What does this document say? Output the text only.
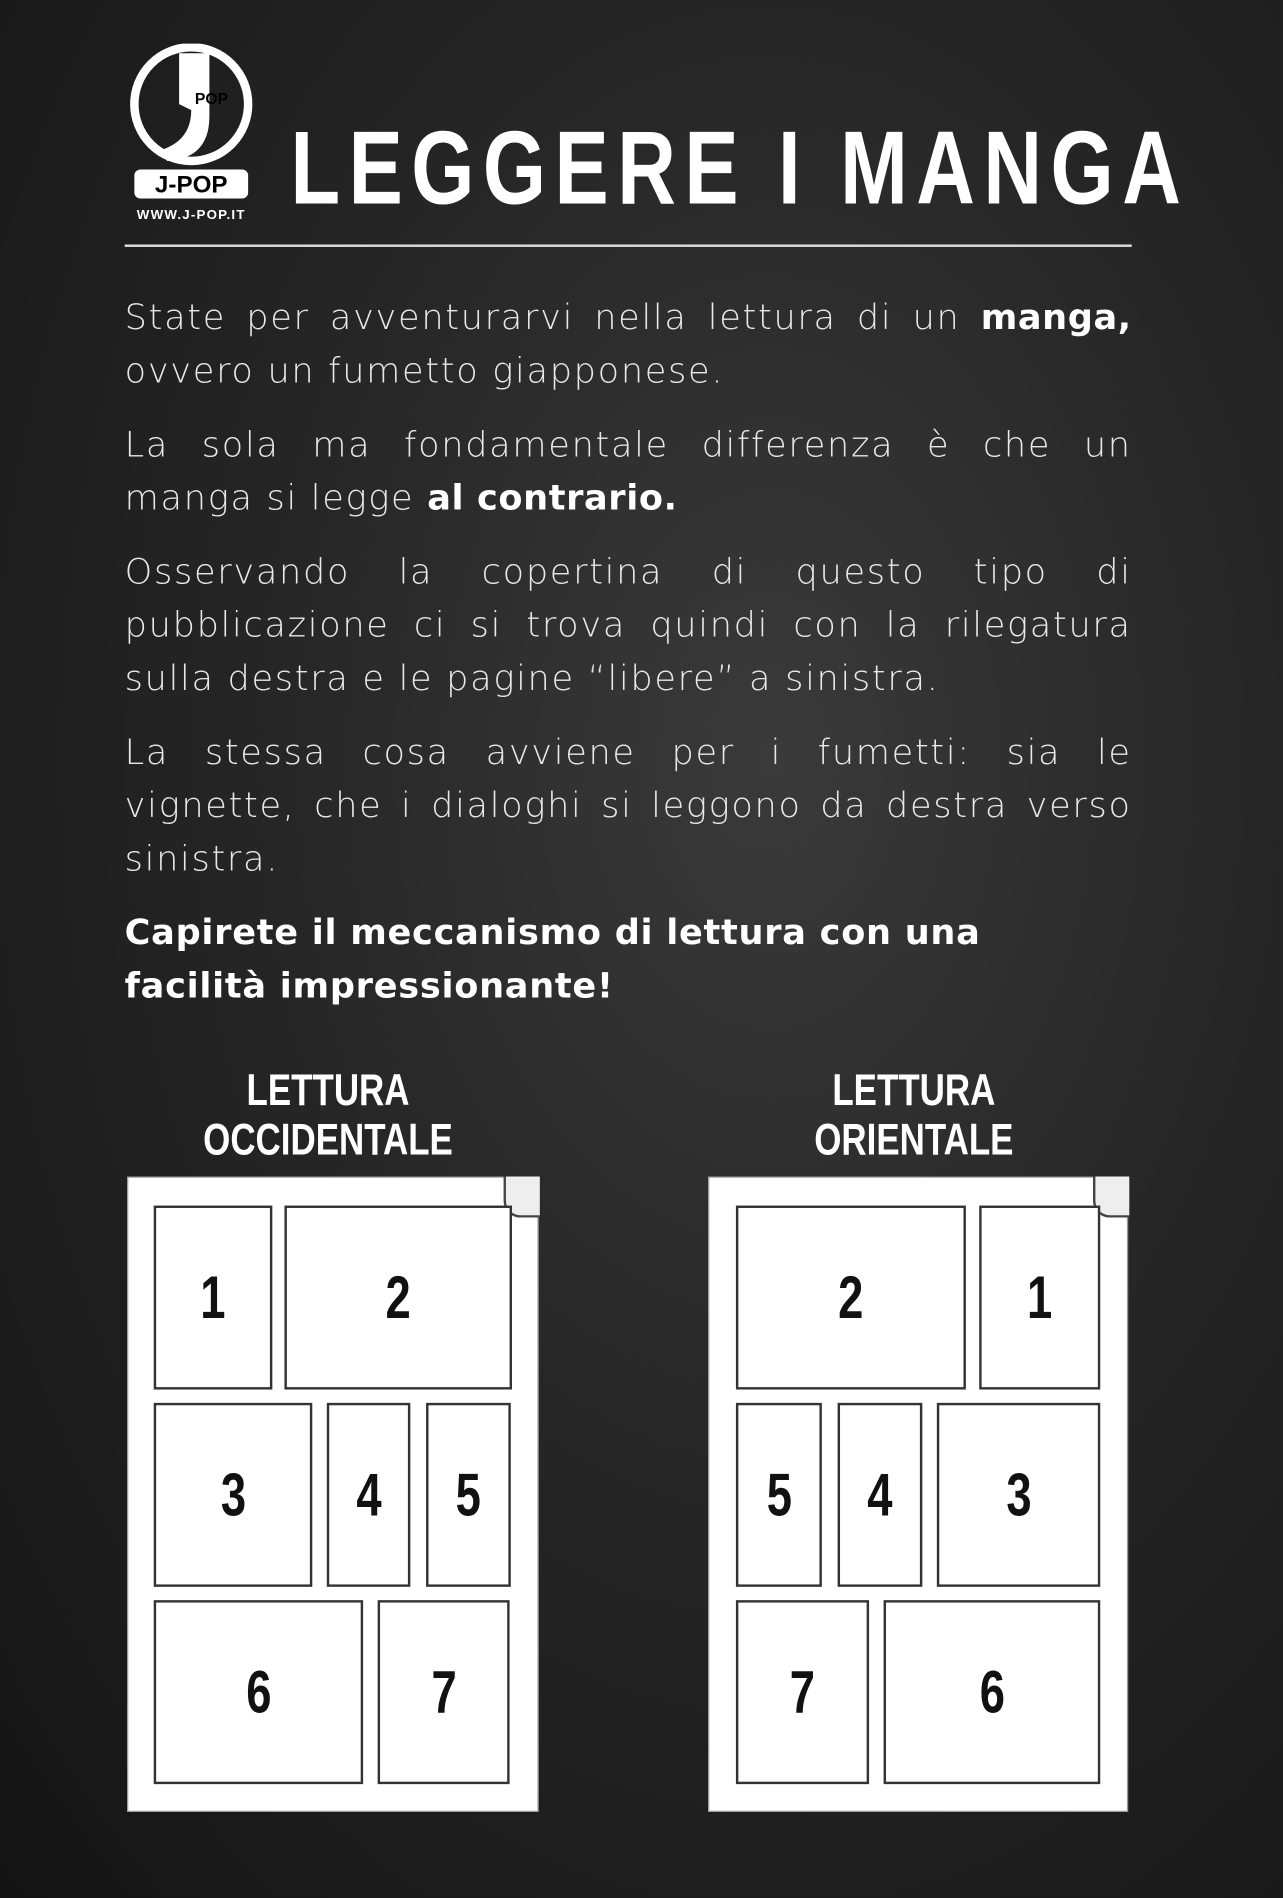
POP
J-POP
WWW.J-POP.IT LEGGERE I MANGA

State per avventurarvi nella lettura di un manga, ovvero un fumetto giapponese.

La sola ma fondamentale differenza è che un manga si legge al contrario.

Osservando la copertina di questo tipo di pubblicazione ci si trova quindi con la rilegatura sulla destra e le pagine “libere” a sinistra.

La stessa cosa avviene per i fumetti: sia le vignette, che i dialoghi si leggono da destra verso sinistra.

Capirete il meccanismo di lettura con una facilità impressionante!

LETTURA
OCCIDENTALE
LETTURA
ORIENTALE
1	2
3 4 5
6	7
2	1
5 4 3
7	6
